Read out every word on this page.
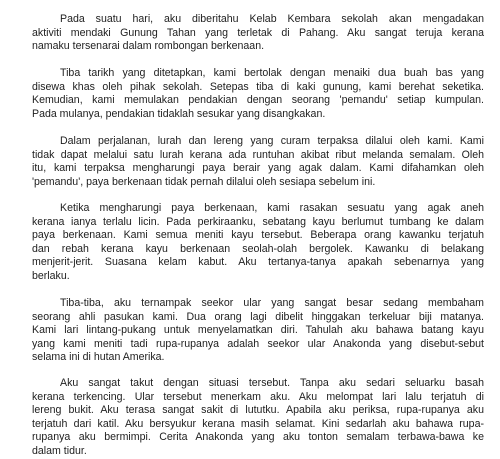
Pada suatu hari, aku diberitahu Kelab Kembara sekolah akan mengadakan
aktiviti mendaki Gunung Tahan yang terletak di Pahang. Aku sangat teruja kerana
namaku tersenarai dalam rombongan berkenaan.
Tiba tarikh yang ditetapkan, kami bertolak dengan menaiki dua buah bas yang
disewa khas oleh pihak sekolah. Setepas tiba di kaki gunung, kami berehat seketika.
Kemudian, kami memulakan pendakian dengan seorang 'pemandu' setiap kumpulan.
Pada mulanya, pendakian tidaklah sesukar yang disangkakan.
Dalam perjalanan, lurah dan lereng yang curam terpaksa dilalui oleh kami. Kami
tidak dapat melalui satu lurah kerana ada runtuhan akibat ribut melanda semalam. Oleh
itu, kami terpaksa mengharungi paya berair yang agak dalam. Kami difahamkan oleh
'pemandu', paya berkenaan tidak pernah dilalui oleh sesiapa sebelum ini.
Ketika mengharungi paya berkenaan, kami rasakan sesuatu yang agak aneh
kerana ianya terlalu licin. Pada perkiraanku, sebatang kayu berlumut tumbang ke dalam
paya berkenaan. Kami semua meniti kayu tersebut. Beberapa orang kawanku terjatuh
dan rebah kerana kayu berkenaan seolah-olah bergolek. Kawanku di belakang
menjerit-jerit. Suasana kelam kabut. Aku tertanya-tanya apakah sebenarnya yang
berlaku.
Tiba-tiba, aku ternampak seekor ular yang sangat besar sedang membaham
seorang ahli pasukan kami. Dua orang lagi dibelit hinggakan terkeluar biji matanya.
Kami lari lintang-pukang untuk menyelamatkan diri. Tahulah aku bahawa batang kayu
yang kami meniti tadi rupa-rupanya adalah seekor ular Anakonda yang disebut-sebut
selama ini di hutan Amerika.
Aku sangat takut dengan situasi tersebut. Tanpa aku sedari seluarku basah
kerana terkencing. Ular tersebut menerkam aku. Aku melompat lari lalu terjatuh di
lereng bukit. Aku terasa sangat sakit di lututku. Apabila aku periksa, rupa-rupanya aku
terjatuh dari katil. Aku bersyukur kerana masih selamat. Kini sedarlah aku bahawa rupa-
rupanya aku bermimpi. Cerita Anakonda yang aku tonton semalam terbawa-bawa ke
dalam tidur.
